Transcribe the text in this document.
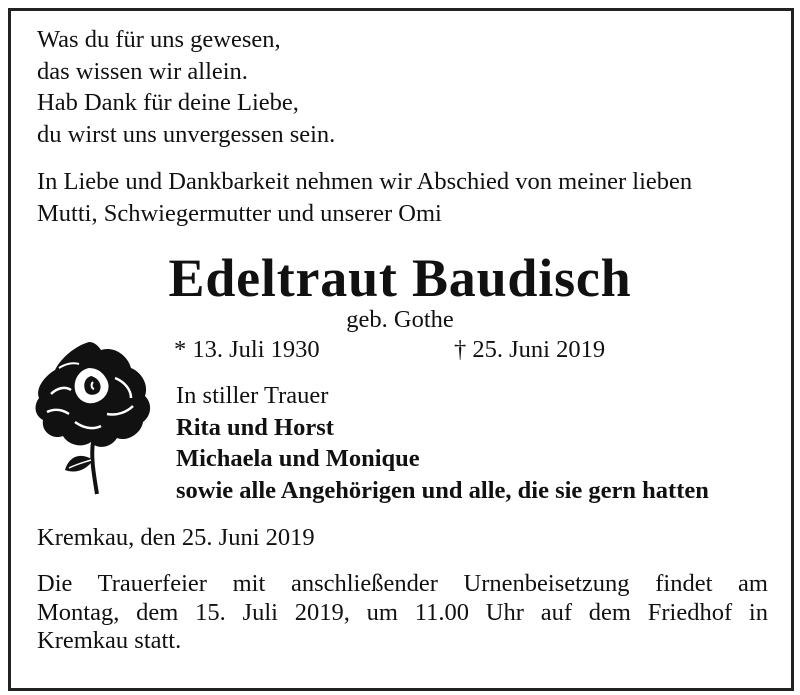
Was du für uns gewesen,
das wissen wir allein.
Hab Dank für deine Liebe,
du wirst uns unvergessen sein.
In Liebe und Dankbarkeit nehmen wir Abschied von meiner lieben
Mutti, Schwiegermutter und unserer Omi
Edeltraut Baudisch
geb. Gothe
* 13. Juli 1930	† 25. Juni 2019
In stiller Trauer
Rita und Horst
Michaela und Monique
sowie alle Angehörigen und alle, die sie gern hatten
Kremkau, den 25. Juni 2019
Die Trauerfeier mit anschließender Urnenbeisetzung findet am
Montag, dem 15. Juli 2019, um 11.00 Uhr auf dem Friedhof in
Kremkau statt.
